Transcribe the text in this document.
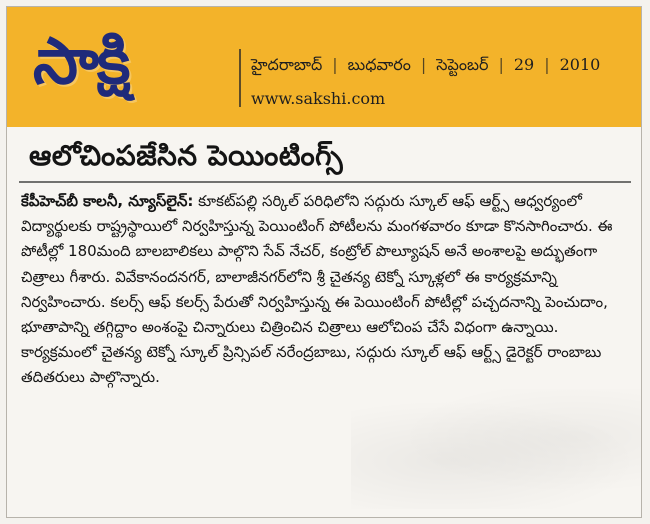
సాక్షి	హైదరాబాద్ | బుధవారం | సెప్టెంబర్ | 29 | 2010
www.sakshi.com
ఆలోచింపజేసిన పెయింటింగ్స్
కేపీహెచ్‌బీ కాలనీ, న్యూస్‌లైన్: కూకట్‌పల్లి సర్కిల్ పరిధిలోని సద్గురు స్కూల్ ఆఫ్ ఆర్ట్స్ ఆధ్వర్యంలో విద్యార్థులకు రాష్ట్రస్థాయిలో నిర్వహిస్తున్న పెయింటింగ్ పోటీలను మంగళవారం కూడా కొనసాగించారు. ఈ పోటీల్లో 180మంది బాలబాలికలు పాల్గొని సేవ్ నేచర్, కంట్రోల్ పొల్యూషన్ అనే అంశాలపై అద్భుతంగా చిత్రాలు గీశారు. వివేకానందనగర్, బాలాజీనగర్‌లోని శ్రీ చైతన్య టెక్నో స్కూళ్లలో ఈ కార్యక్రమాన్ని నిర్వహించారు. కలర్స్ ఆఫ్ కలర్స్ పేరుతో నిర్వహిస్తున్న ఈ పెయింటింగ్ పోటీల్లో పచ్చదనాన్ని పెంచుదాం, భూతాపాన్ని తగ్గిద్దాం అంశంపై చిన్నారులు చిత్రించిన చిత్రాలు ఆలోచింప చేసే విధంగా ఉన్నాయి. కార్యక్రమంలో చైతన్య టెక్నో స్కూల్ ప్రిన్సిపల్ నరేంద్రబాబు, సద్గురు స్కూల్ ఆఫ్ ఆర్ట్స్ డైరెక్టర్ రాంబాబు తదితరులు పాల్గొన్నారు.
